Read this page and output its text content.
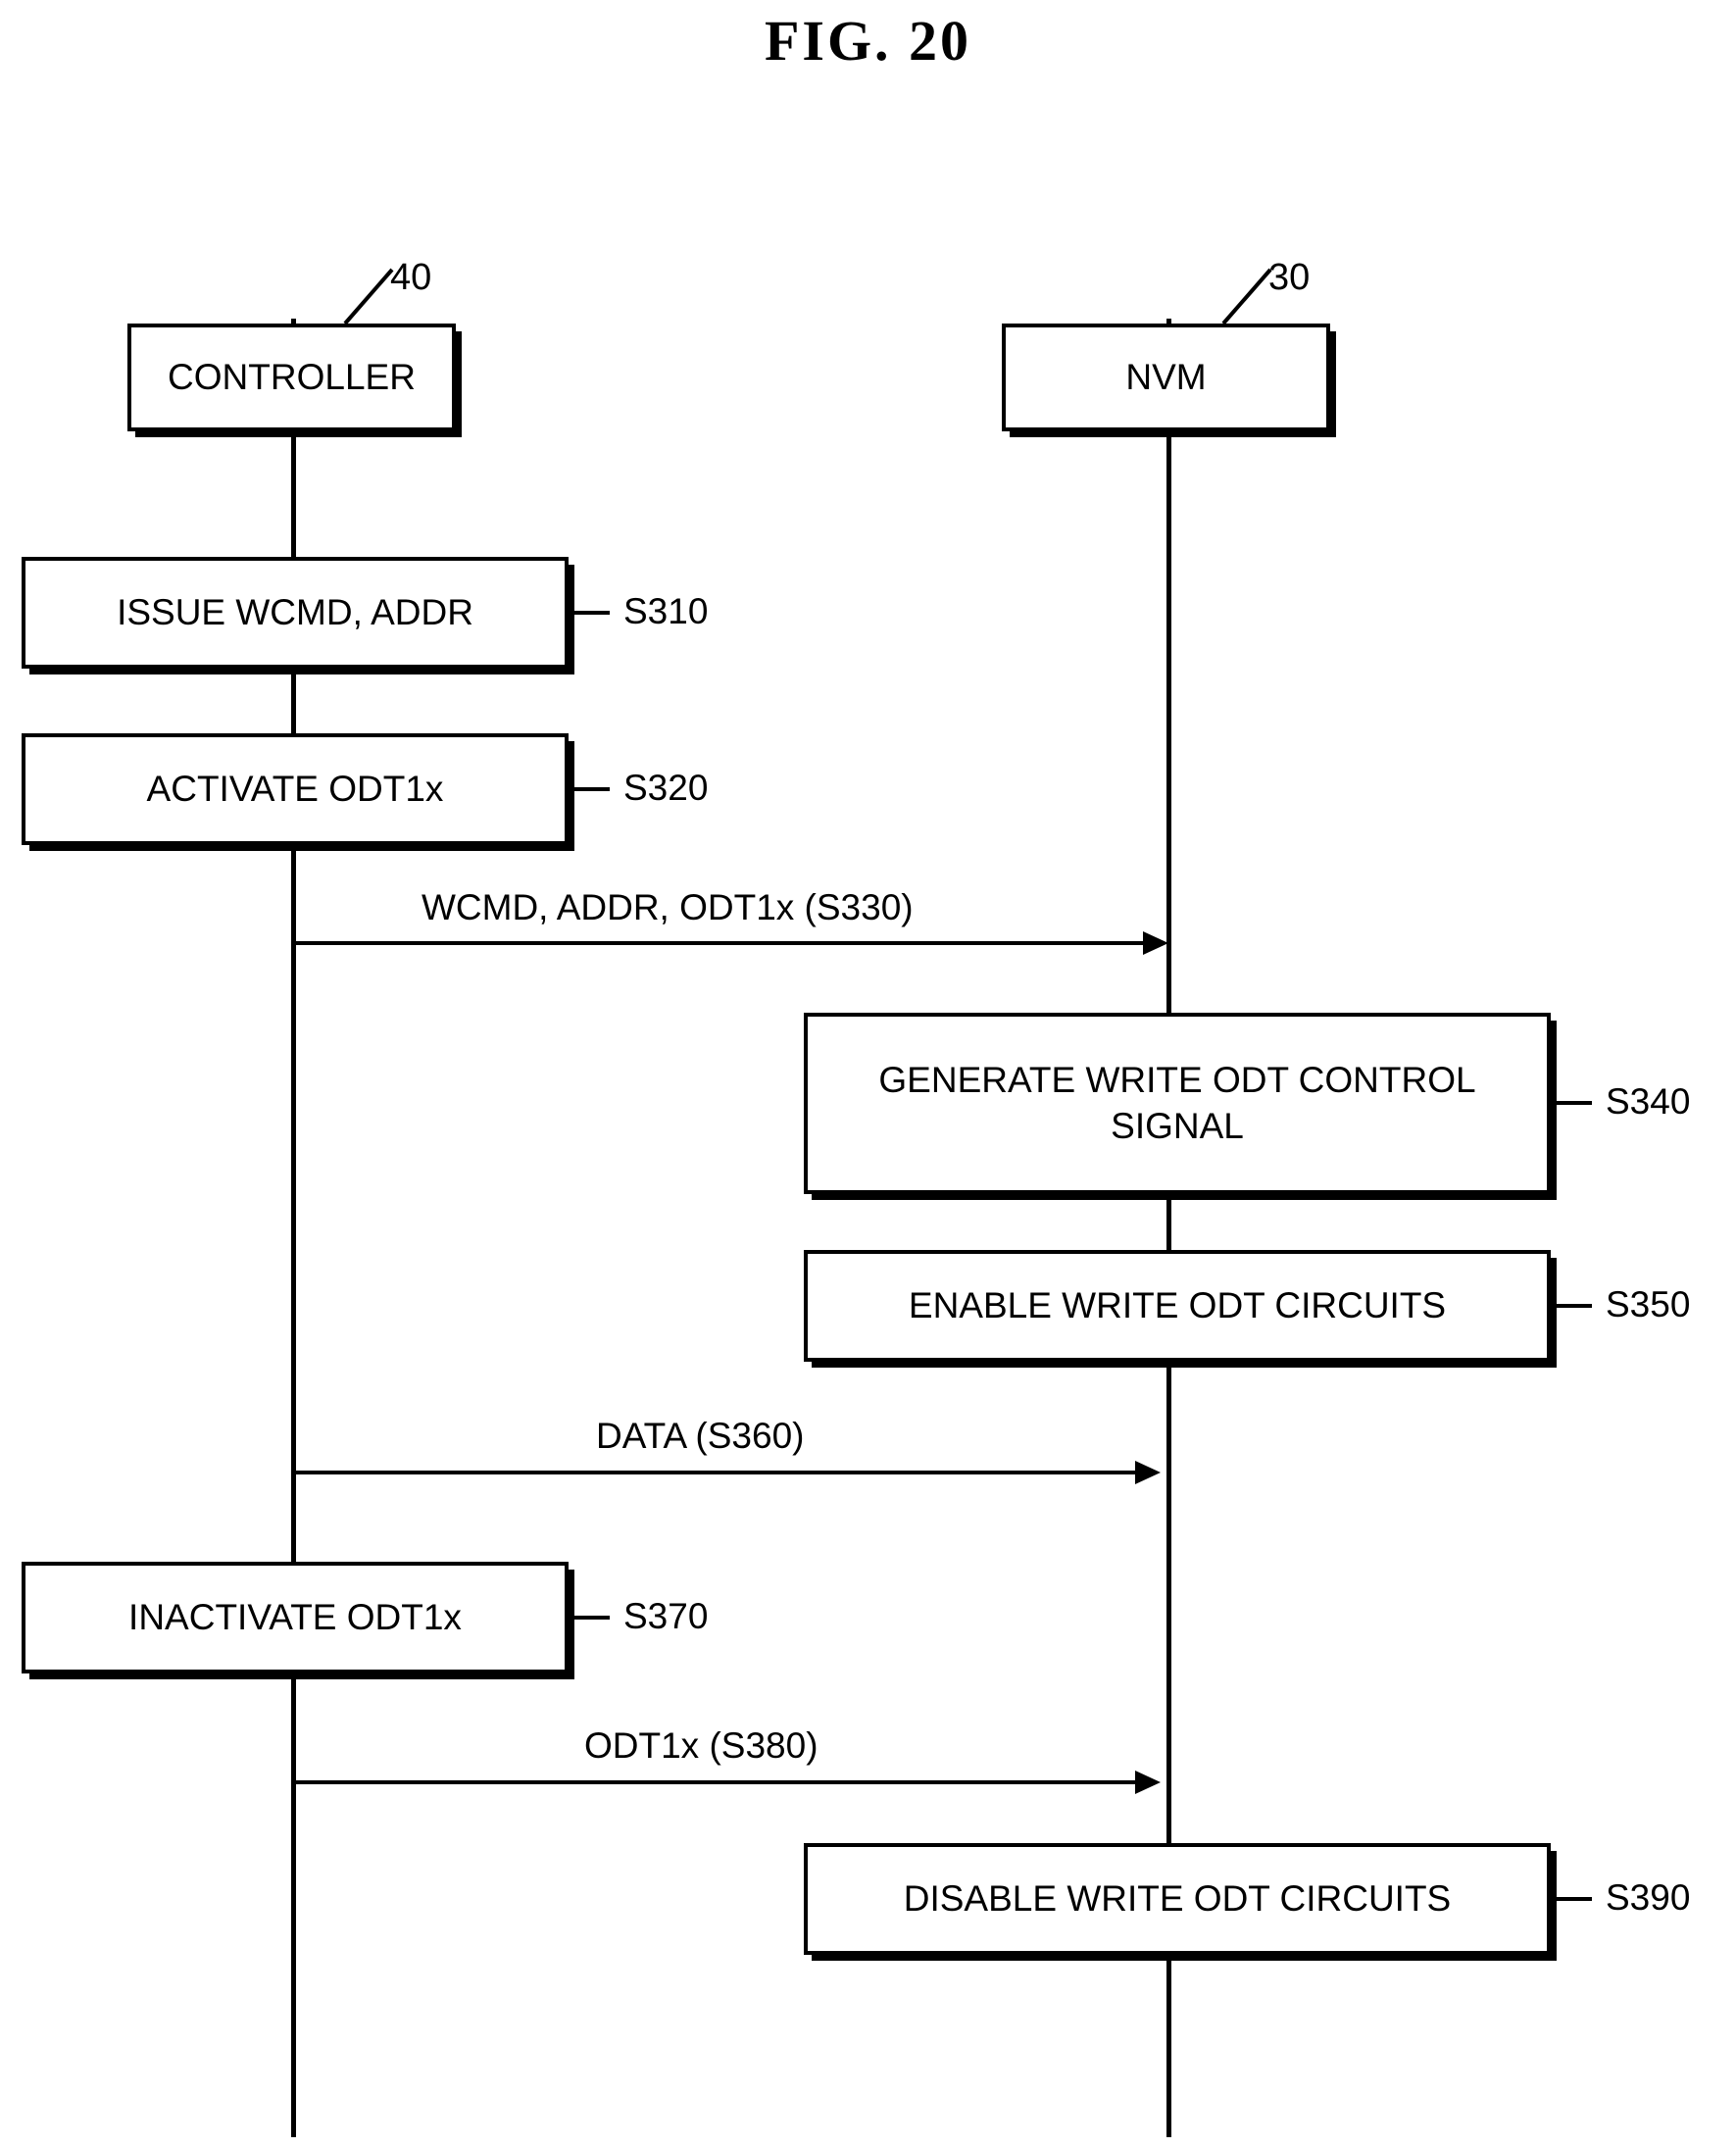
FIG. 20
CONTROLLER	NVM
40	30
ISSUE WCMD, ADDR	S310
ACTIVATE ODT1x	S320
GENERATE WRITE ODT CONTROL SIGNAL
S340
ENABLE WRITE ODT CIRCUITS	S350
INACTIVATE ODT1x	S370
DISABLE WRITE ODT CIRCUITS	S390
WCMD, ADDR, ODT1x (S330)
DATA (S360)
ODT1x (S380)
